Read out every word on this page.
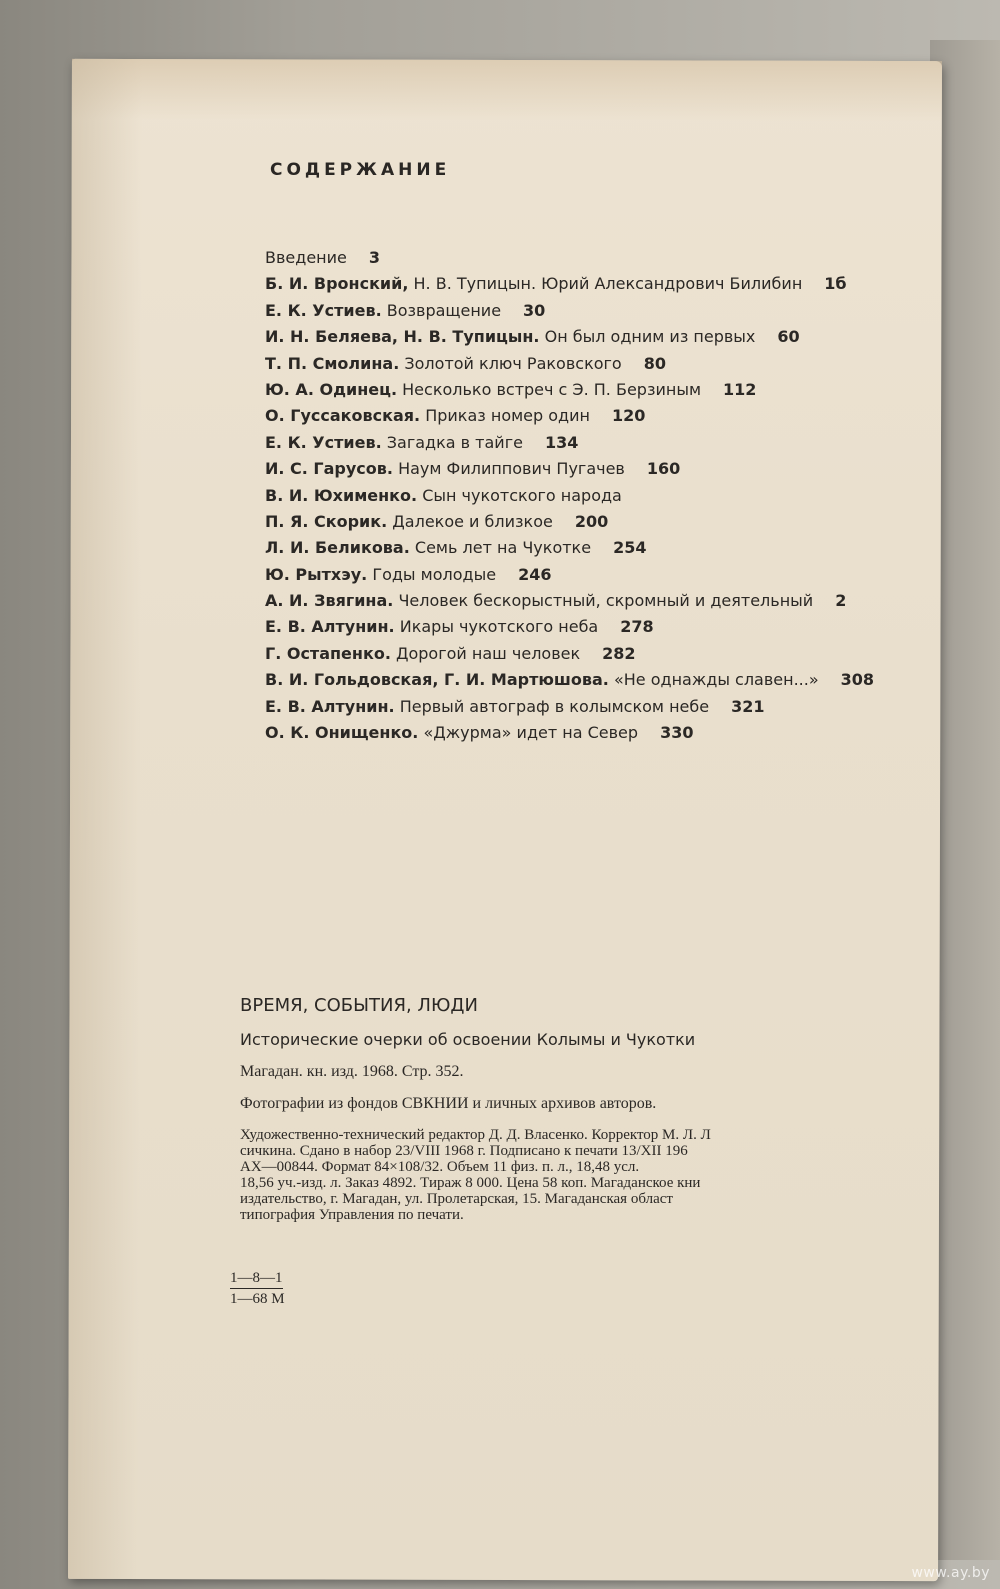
СОДЕРЖАНИЕ
Введение 3
Б. И. Вронский, Н. В. Тупицын. Юрий Александрович Билибин 1б
Е. К. Устиев. Возвращение 30
И. Н. Беляева, Н. В. Тупицын. Он был одним из первых 60
Т. П. Смолина. Золотой ключ Раковского 80
Ю. А. Одинец. Несколько встреч с Э. П. Берзиным 112
О. Гуссаковская. Приказ номер один 120
Е. К. Устиев. Загадка в тайге 134
И. С. Гарусов. Наум Филиппович Пугачев 160
В. И. Юхименко. Сын чукотского народа
П. Я. Скорик. Далекое и близкое 200
Л. И. Беликова. Семь лет на Чукотке 254
Ю. Рытхэу. Годы молодые 246
А. И. Звягина. Человек бескорыстный, скромный и деятельный 2
Е. В. Алтунин. Икары чукотского неба 278
Г. Остапенко. Дорогой наш человек 282
В. И. Гольдовская, Г. И. Мартюшова. «Не однажды славен...» 308
Е. В. Алтунин. Первый автограф в колымском небе 321
О. К. Онищенко. «Джурма» идет на Север 330
ВРЕМЯ, СОБЫТИЯ, ЛЮДИ

Исторические очерки об освоении Колымы и Чукотки

Магадан. кн. изд. 1968. Стр. 352.

Фотографии из фондов СВКНИИ и личных архивов авторов.

Художественно-технический редактор Д. Д. Власенко. Корректор М. Л. Л
сичкина. Сдано в набор 23/VIII 1968 г. Подписано к печати 13/XII 196
АХ—00844. Формат 84×108/32. Объем 11 физ. п. л., 18,48 усл.
18,56 уч.-изд. л. Заказ 4892. Тираж 8 000. Цена 58 коп. Магаданское кни
издательство, г. Магадан, ул. Пролетарская, 15. Магаданская област
типография Управления по печати.

1—8—1
1—68 М
www.ay.by
